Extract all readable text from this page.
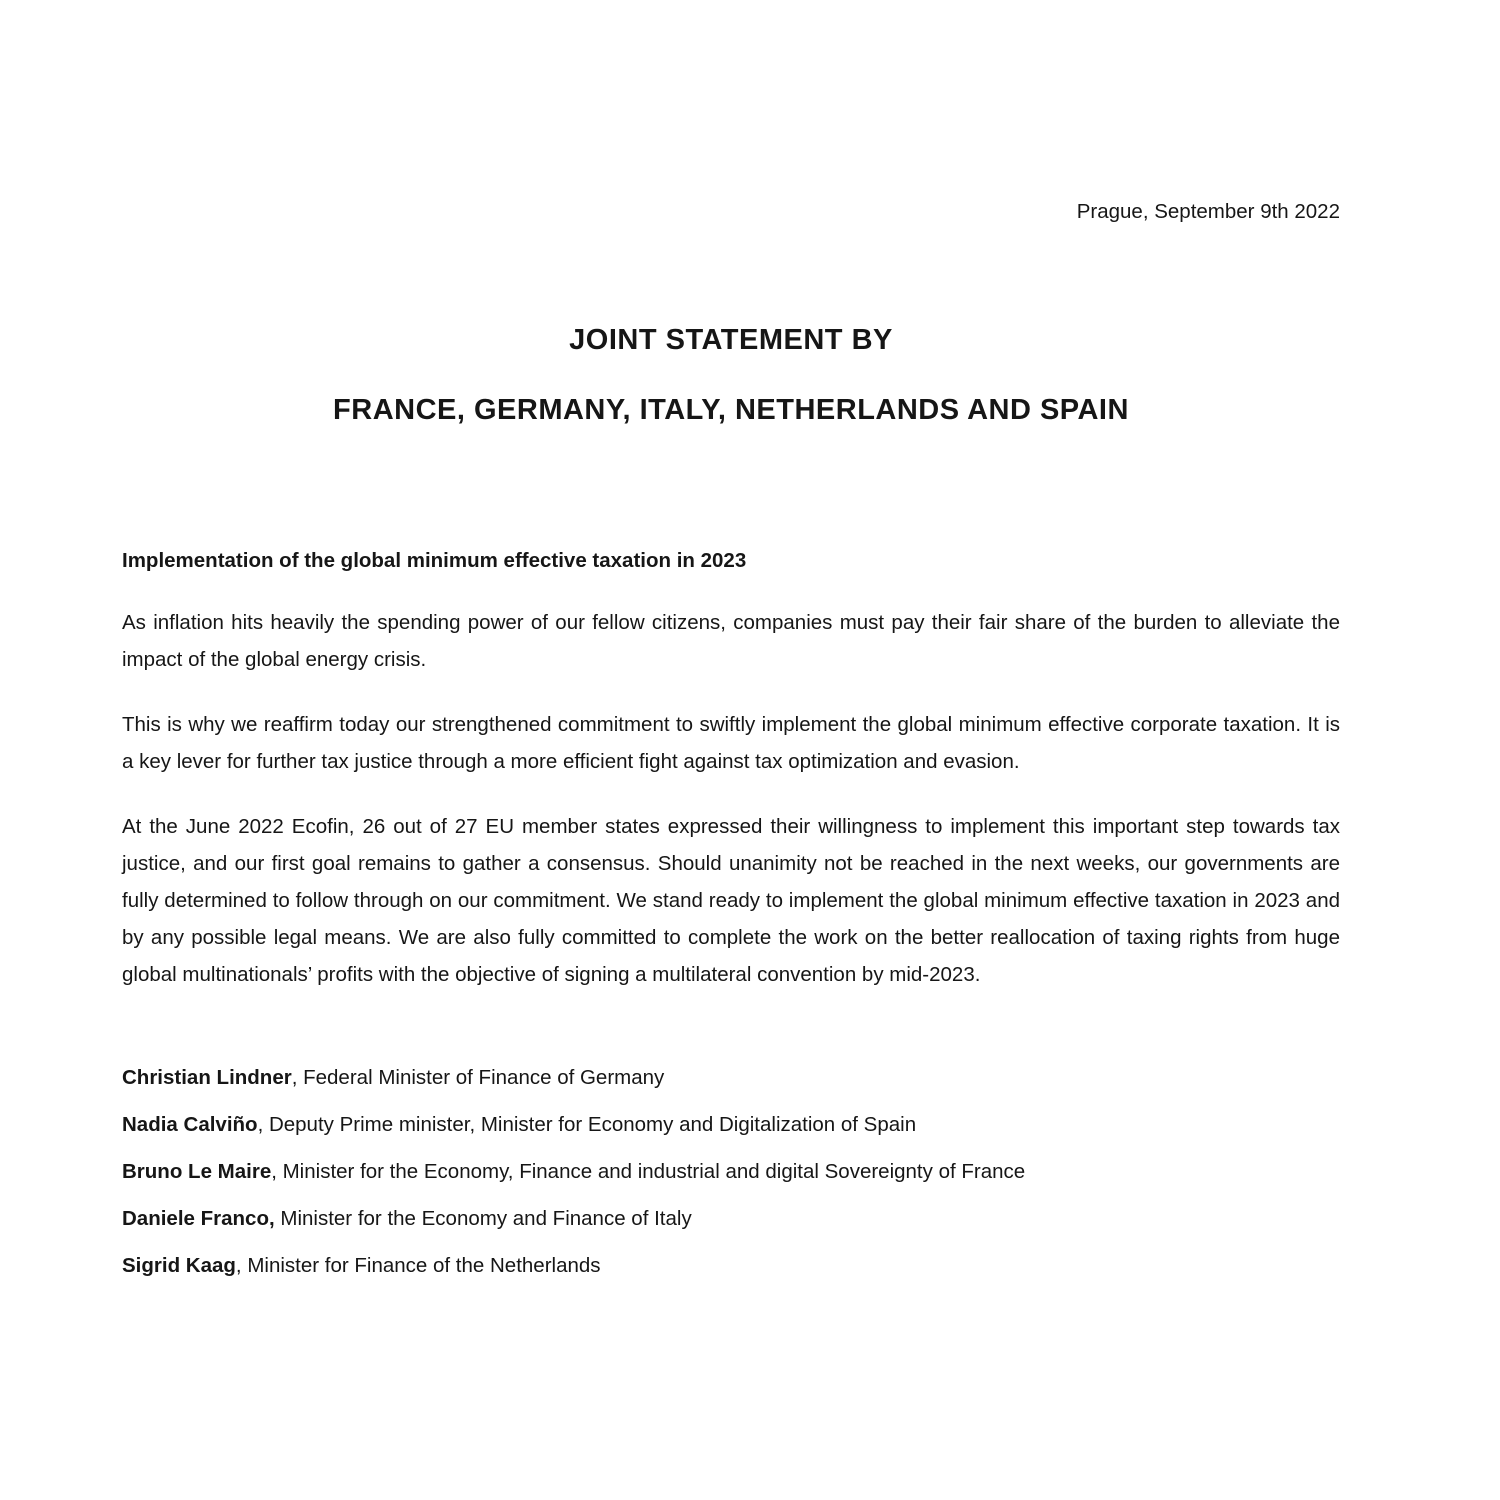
Prague, September 9th 2022
JOINT STATEMENT BY
FRANCE, GERMANY, ITALY, NETHERLANDS AND SPAIN
Implementation of the global minimum effective taxation in 2023

As inflation hits heavily the spending power of our fellow citizens, companies must pay their fair share of the burden to alleviate the impact of the global energy crisis.

This is why we reaffirm today our strengthened commitment to swiftly implement the global minimum effective corporate taxation. It is a key lever for further tax justice through a more efficient fight against tax optimization and evasion.

At the June 2022 Ecofin, 26 out of 27 EU member states expressed their willingness to implement this important step towards tax justice, and our first goal remains to gather a consensus. Should unanimity not be reached in the next weeks, our governments are fully determined to follow through on our commitment. We stand ready to implement the global minimum effective taxation in 2023 and by any possible legal means. We are also fully committed to complete the work on the better reallocation of taxing rights from huge global multinationals’ profits with the objective of signing a multilateral convention by mid-2023.

Christian Lindner, Federal Minister of Finance of Germany

Nadia Calviño, Deputy Prime minister, Minister for Economy and Digitalization of Spain

Bruno Le Maire, Minister for the Economy, Finance and industrial and digital Sovereignty of France

Daniele Franco, Minister for the Economy and Finance of Italy

Sigrid Kaag, Minister for Finance of the Netherlands
